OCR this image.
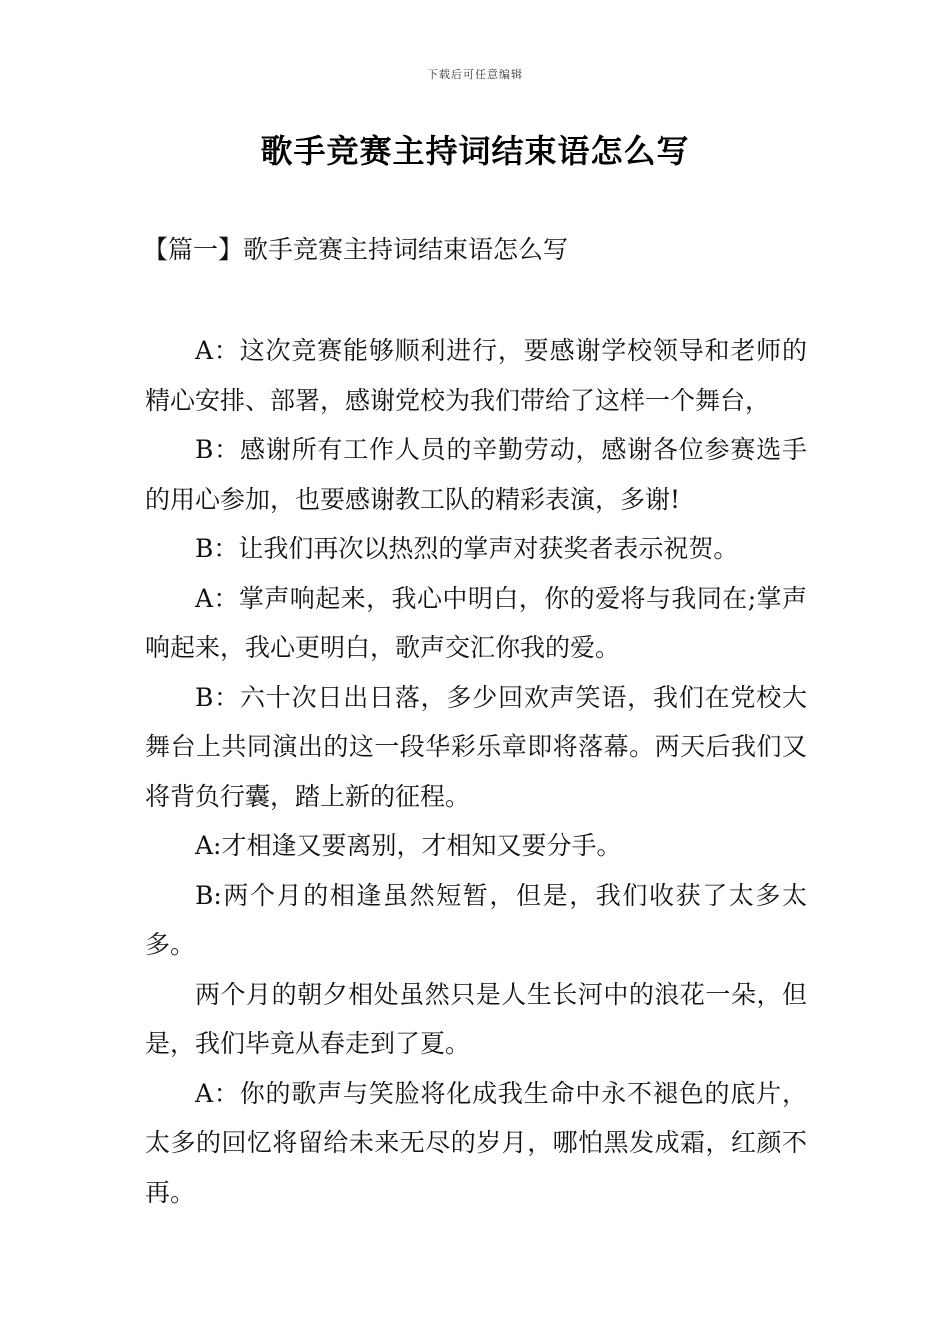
下载后可任意编辑
歌手竞赛主持词结束语怎么写
【篇一】歌手竞赛主持词结束语怎么写

A：这次竞赛能够顺利进行，要感谢学校领导和老师的精心安排、部署，感谢党校为我们带给了这样一个舞台，

B：感谢所有工作人员的辛勤劳动，感谢各位参赛选手的用心参加，也要感谢教工队的精彩表演，多谢!

B：让我们再次以热烈的掌声对获奖者表示祝贺。

A：掌声响起来，我心中明白，你的爱将与我同在;掌声响起来，我心更明白，歌声交汇你我的爱。

B：六十次日出日落，多少回欢声笑语，我们在党校大舞台上共同演出的这一段华彩乐章即将落幕。两天后我们又将背负行囊，踏上新的征程。

A:才相逢又要离别，才相知又要分手。

B:两个月的相逢虽然短暂，但是，我们收获了太多太多。

两个月的朝夕相处虽然只是人生长河中的浪花一朵，但是，我们毕竟从春走到了夏。

A：你的歌声与笑脸将化成我生命中永不褪色的底片，太多的回忆将留给未来无尽的岁月，哪怕黑发成霜，红颜不再。
